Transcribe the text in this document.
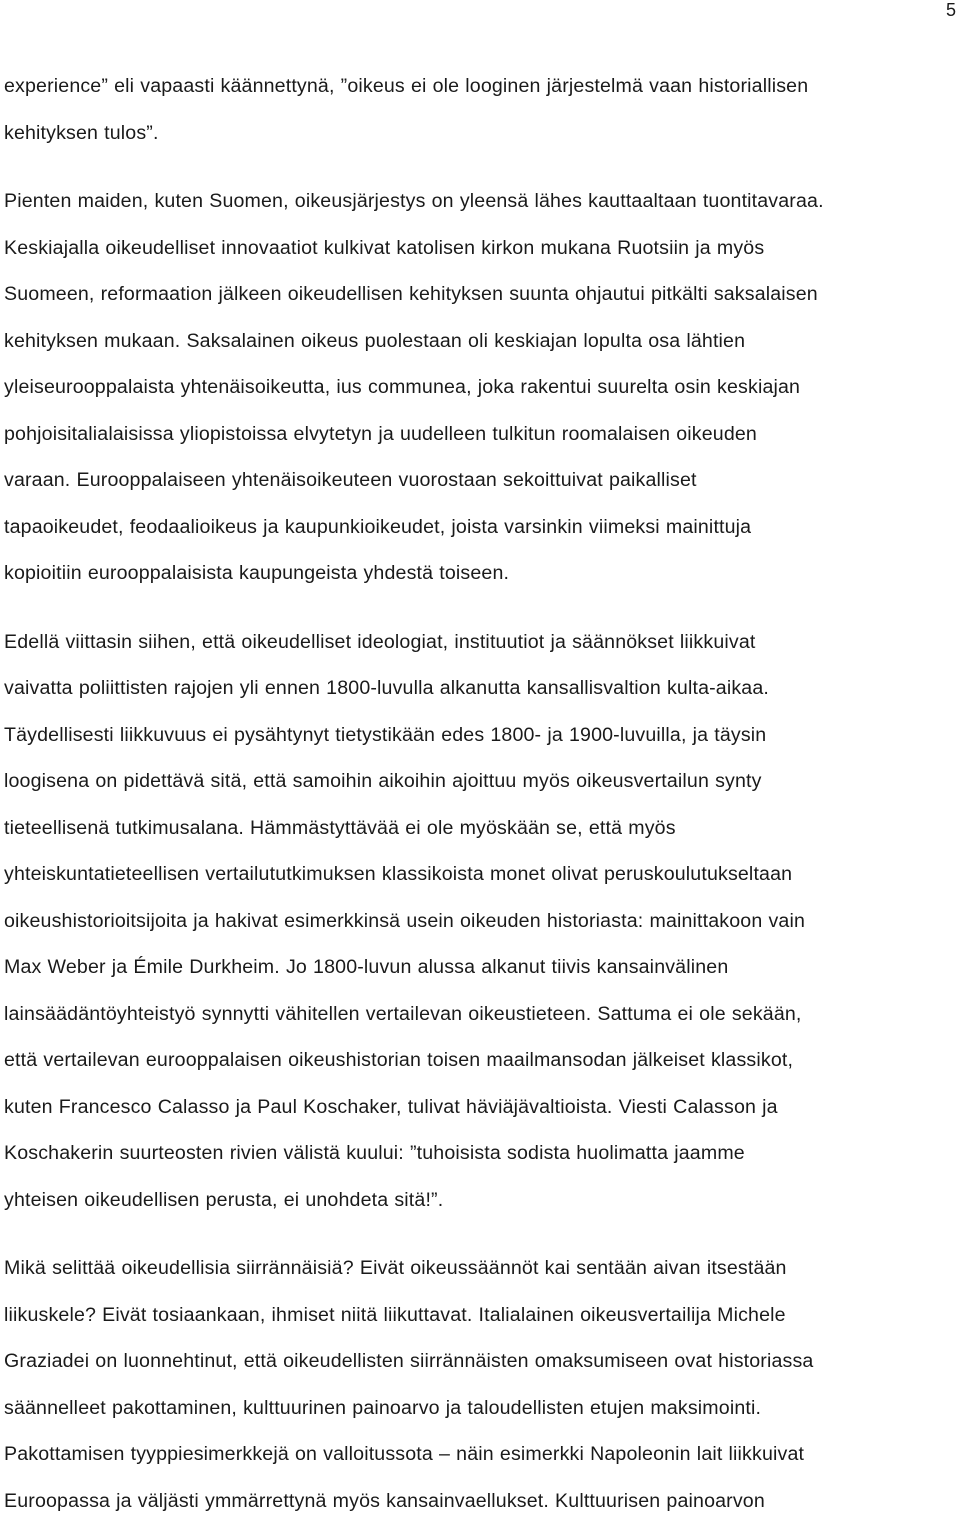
5
experience” eli vapaasti käännettynä, ”oikeus ei ole looginen järjestelmä vaan historiallisen
kehityksen tulos”.
Pienten maiden, kuten Suomen, oikeusjärjestys on yleensä lähes kauttaaltaan tuontitavaraa.
Keskiajalla oikeudelliset innovaatiot kulkivat katolisen kirkon mukana Ruotsiin ja myös
Suomeen, reformaation jälkeen oikeudellisen kehityksen suunta ohjautui pitkälti saksalaisen
kehityksen mukaan. Saksalainen oikeus puolestaan oli keskiajan lopulta osa lähtien
yleiseurooppalaista yhtenäisoikeutta, ius communea, joka rakentui suurelta osin keskiajan
pohjoisitalialaisissa yliopistoissa elvytetyn ja uudelleen tulkitun roomalaisen oikeuden
varaan. Eurooppalaiseen yhtenäisoikeuteen vuorostaan sekoittuivat paikalliset
tapaoikeudet, feodaalioikeus ja kaupunkioikeudet, joista varsinkin viimeksi mainittuja
kopioitiin eurooppalaisista kaupungeista yhdestä toiseen.
Edellä viittasin siihen, että oikeudelliset ideologiat, instituutiot ja säännökset liikkuivat
vaivatta poliittisten rajojen yli ennen 1800-luvulla alkanutta kansallisvaltion kulta-aikaa.
Täydellisesti liikkuvuus ei pysähtynyt tietystikään edes 1800- ja 1900-luvuilla, ja täysin
loogisena on pidettävä sitä, että samoihin aikoihin ajoittuu myös oikeusvertailun synty
tieteellisenä tutkimusalana. Hämmästyttävää ei ole myöskään se, että myös
yhteiskuntatieteellisen vertailututkimuksen klassikoista monet olivat peruskoulutukseltaan
oikeushistorioitsijoita ja hakivat esimerkkinsä usein oikeuden historiasta: mainittakoon vain
Max Weber ja Émile Durkheim. Jo 1800-luvun alussa alkanut tiivis kansainvälinen
lainsäädäntöyhteistyö synnytti vähitellen vertailevan oikeustieteen. Sattuma ei ole sekään,
että vertailevan eurooppalaisen oikeushistorian toisen maailmansodan jälkeiset klassikot,
kuten Francesco Calasso ja Paul Koschaker, tulivat häviäjävaltioista. Viesti Calasson ja
Koschakerin suurteosten rivien välistä kuului: ”tuhoisista sodista huolimatta jaamme
yhteisen oikeudellisen perusta, ei unohdeta sitä!”.
Mikä selittää oikeudellisia siirrännäisiä? Eivät oikeussäännöt kai sentään aivan itsestään
liikuskele? Eivät tosiaankaan, ihmiset niitä liikuttavat. Italialainen oikeusvertailija Michele
Graziadei on luonnehtinut, että oikeudellisten siirrännäisten omaksumiseen ovat historiassa
säännelleet pakottaminen, kulttuurinen painoarvo ja taloudellisten etujen maksimointi.
Pakottamisen tyyppiesimerkkejä on valloitussota – näin esimerkki Napoleonin lait liikkuivat
Euroopassa ja väljästi ymmärrettynä myös kansainvaellukset. Kulttuurisen painoarvon
